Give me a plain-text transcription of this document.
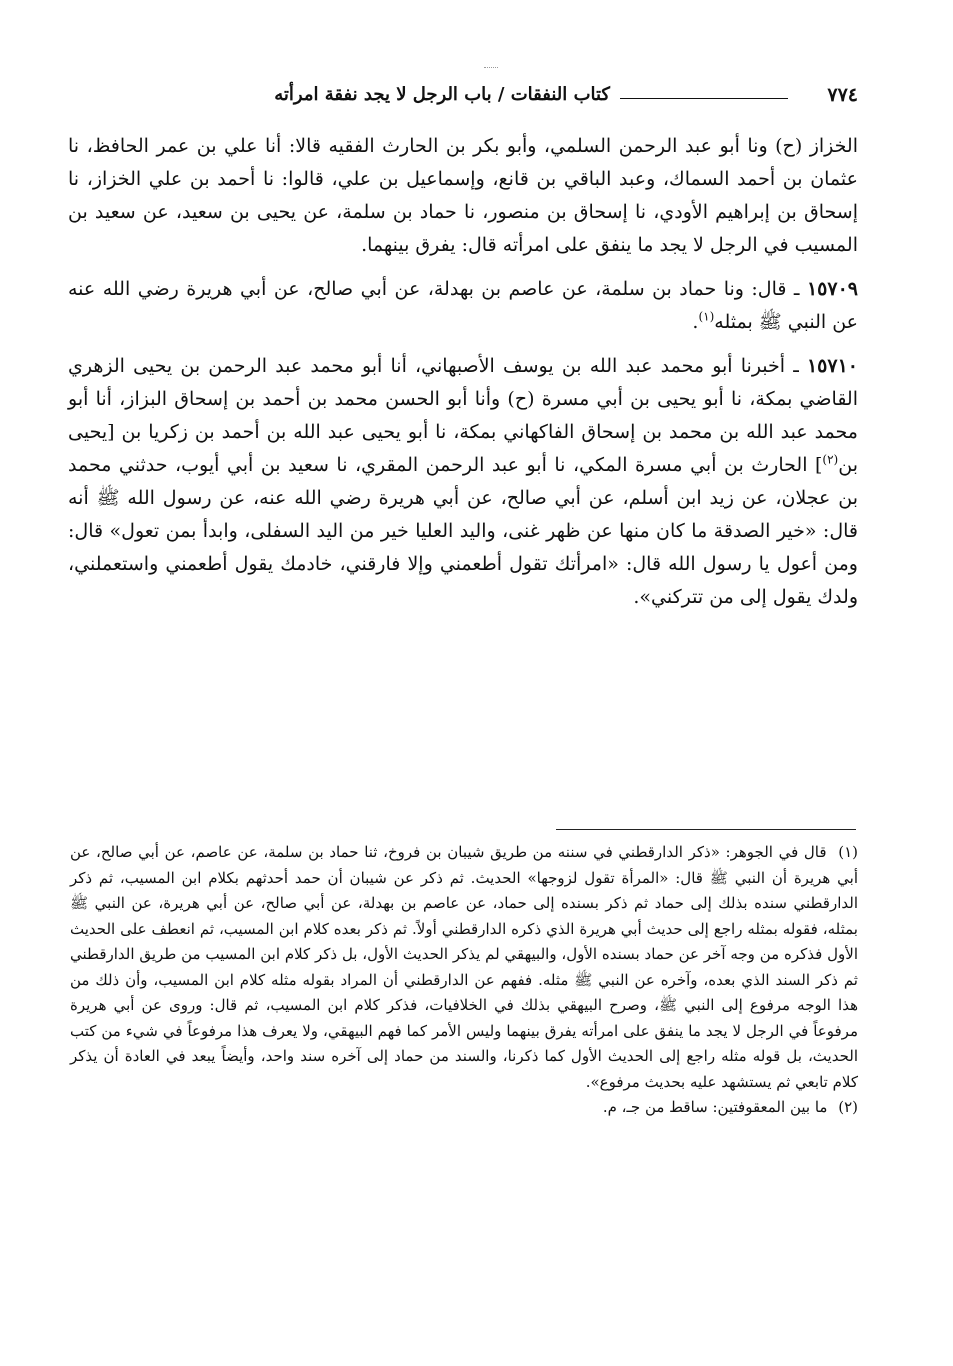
٧٧٤
كتاب النفقات / باب الرجل لا يجد نفقة امرأته

الخزاز (ح) ونا أبو عبد الرحمن السلمي، وأبو بكر بن الحارث الفقيه قالا: أنا علي بن عمر الحافظ، نا عثمان بن أحمد السماك، وعبد الباقي بن قانع، وإسماعيل بن علي، قالوا: نا أحمد بن علي الخزاز، نا إسحاق بن إبراهيم الأودي، نا إسحاق بن منصور، نا حماد بن سلمة، عن يحيى بن سعيد، عن سعيد بن المسيب في الرجل لا يجد ما ينفق على امرأته قال: يفرق بينهما.

١٥٧٠٩ ـ قال: ونا حماد بن سلمة، عن عاصم بن بهدلة، عن أبي صالح، عن أبي هريرة رضي الله عنه عن النبي ﷺ بمثله$^{(١)}$.

١٥٧١٠ ـ أخبرنا أبو محمد عبد الله بن يوسف الأصبهاني، أنا أبو محمد عبد الرحمن بن يحيى الزهري القاضي بمكة، نا أبو يحيى بن أبي مسرة (ح) وأنا أبو الحسن محمد بن أحمد بن إسحاق البزاز، أنا أبو محمد عبد الله بن محمد بن إسحاق الفاكهاني بمكة، نا أبو يحيى عبد الله بن أحمد بن زكريا بن [يحيى بن$^{(٢)}$] الحارث بن أبي مسرة المكي، نا أبو عبد الرحمن المقري، نا سعيد بن أبي أيوب، حدثني محمد بن عجلان، عن زيد ابن أسلم، عن أبي صالح، عن أبي هريرة رضي الله عنه، عن رسول الله ﷺ أنه قال: «خير الصدقة ما كان منها عن ظهر غنى، واليد العليا خير من اليد السفلى، وابدأ بمن تعول» قال: ومن أعول يا رسول الله قال: «امرأتك تقول أطعمني وإلا فارقني، خادمك يقول أطعمني واستعملني، ولدك يقول إلى من تتركني».

(١) قال في الجوهر: «ذكر الدارقطني في سننه من طريق شيبان بن فروخ، ثنا حماد بن سلمة، عن عاصم، عن أبي صالح، عن أبي هريرة أن النبي ﷺ قال: «المرأة تقول لزوجها» الحديث. ثم ذكر عن شيبان أن حمد أحدثهم بكلام ابن المسيب، ثم ذكر الدارقطني سنده بذلك إلى حماد ثم ذكر بسنده إلى حماد، عن عاصم بن بهدلة، عن أبي صالح، عن أبي هريرة، عن النبي ﷺ بمثله، فقوله بمثله راجع إلى حديث أبي هريرة الذي ذكره الدارقطني أولاً. ثم ذكر بعده كلام ابن المسيب، ثم انعطف على الحديث الأول فذكره من وجه آخر عن حماد بسنده الأول، والبيهقي لم يذكر الحديث الأول، بل ذكر كلام ابن المسيب من طريق الدارقطني ثم ذكر السند الذي بعده، وآخره عن النبي ﷺ مثله. ففهم عن الدارقطني أن المراد بقوله مثله كلام ابن المسيب، وأن ذلك من هذا الوجه مرفوع إلى النبي ﷺ، وصرح البيهقي بذلك في الخلافيات، فذكر كلام ابن المسيب، ثم قال: وروى عن أبي هريرة مرفوعاً في الرجل لا يجد ما ينفق على امرأته يفرق بينهما وليس الأمر كما فهم البيهقي، ولا يعرف هذا مرفوعاً في شيء من كتب الحديث، بل قوله مثله راجع إلى الحديث الأول كما ذكرنا، والسند من حماد إلى آخره سند واحد، وأيضاً يبعد في العادة أن يذكر كلام تابعي ثم يستشهد عليه بحديث مرفوع».

(٢) ما بين المعقوفتين: ساقط من جـ، م.
